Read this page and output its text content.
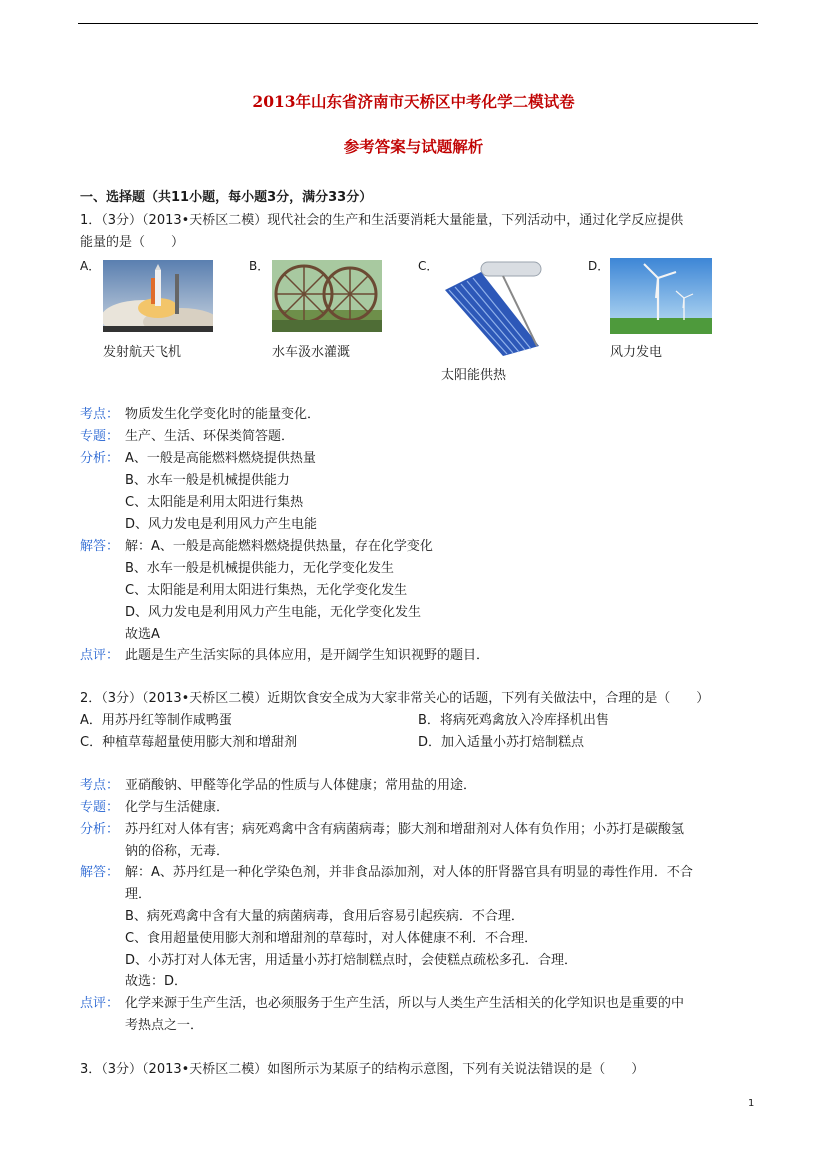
2013年山东省济南市天桥区中考化学二模试卷
参考答案与试题解析
一、选择题（共11小题，每小题3分，满分33分）
1．（3分）（2013•天桥区二模）现代社会的生产和生活要消耗大量能量，下列活动中，通过化学反应提供
能量的是（　　）
A．
发射航天飞机
B．
水车汲水灌溉
C．
太阳能供热
D．
风力发电
考点： 物质发生化学变化时的能量变化．
专题： 生产、生活、环保类简答题．
分析： A、一般是高能燃料燃烧提供热量
B、水车一般是机械提供能力
C、太阳能是利用太阳进行集热
D、风力发电是利用风力产生电能
解答： 解：A、一般是高能燃料燃烧提供热量，存在化学变化
B、水车一般是机械提供能力，无化学变化发生
C、太阳能是利用太阳进行集热，无化学变化发生
D、风力发电是利用风力产生电能，无化学变化发生
故选A
点评： 此题是生产生活实际的具体应用，是开阔学生知识视野的题目．
2．（3分）（2013•天桥区二模）近期饮食安全成为大家非常关心的话题，下列有关做法中，合理的是（　　）
A．用苏丹红等制作咸鸭蛋	B．将病死鸡禽放入冷库择机出售
C．种植草莓超量使用膨大剂和增甜剂	D．加入适量小苏打焙制糕点
考点： 亚硝酸钠、甲醛等化学品的性质与人体健康；常用盐的用途．
专题： 化学与生活健康．
分析： 苏丹红对人体有害；病死鸡禽中含有病菌病毒；膨大剂和增甜剂对人体有负作用；小苏打是碳酸氢
钠的俗称，无毒．
解答： 解：A、苏丹红是一种化学染色剂，并非食品添加剂，对人体的肝肾器官具有明显的毒性作用．不合
理．
B、病死鸡禽中含有大量的病菌病毒，食用后容易引起疾病．不合理．
C、食用超量使用膨大剂和增甜剂的草莓时，对人体健康不利．不合理．
D、小苏打对人体无害，用适量小苏打焙制糕点时，会使糕点疏松多孔．合理．
故选：D．
点评： 化学来源于生产生活，也必须服务于生产生活，所以与人类生产生活相关的化学知识也是重要的中
考热点之一．
3．（3分）（2013•天桥区二模）如图所示为某原子的结构示意图，下列有关说法错误的是（　　）
1
